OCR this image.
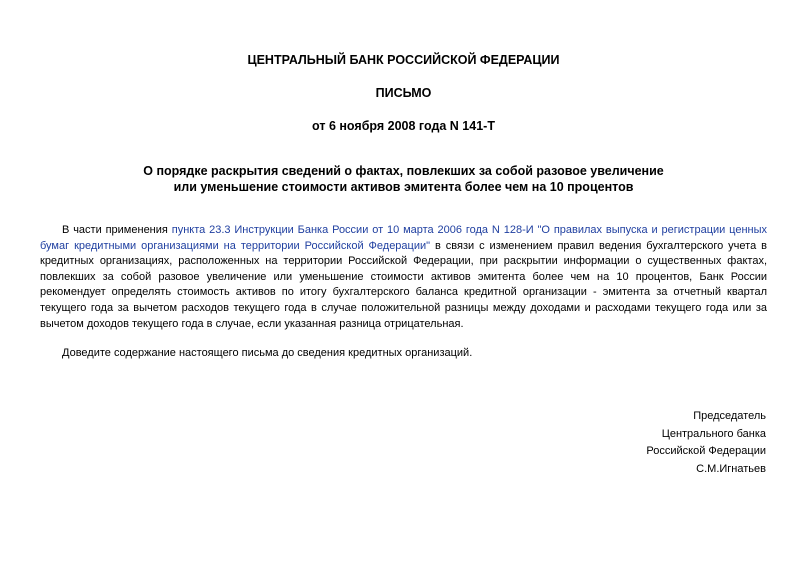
ЦЕНТРАЛЬНЫЙ БАНК РОССИЙСКОЙ ФЕДЕРАЦИИ
ПИСЬМО
от 6 ноября 2008 года N 141-Т
О порядке раскрытия сведений о фактах, повлекших за собой разовое увеличение
или уменьшение стоимости активов эмитента более чем на 10 процентов
В части применения пункта 23.3 Инструкции Банка России от 10 марта 2006 года N 128-И "О правилах выпуска и регистрации ценных бумаг кредитными организациями на территории Российской Федерации" в связи с изменением правил ведения бухгалтерского учета в кредитных организациях, расположенных на территории Российской Федерации, при раскрытии информации о существенных фактах, повлекших за собой разовое увеличение или уменьшение стоимости активов эмитента более чем на 10 процентов, Банк России рекомендует определять стоимость активов по итогу бухгалтерского баланса кредитной организации - эмитента за отчетный квартал текущего года за вычетом расходов текущего года в случае положительной разницы между доходами и расходами текущего года или за вычетом доходов текущего года в случае, если указанная разница отрицательная.
Доведите содержание настоящего письма до сведения кредитных организаций.
Председатель
Центрального банка
Российской Федерации
С.М.Игнатьев
